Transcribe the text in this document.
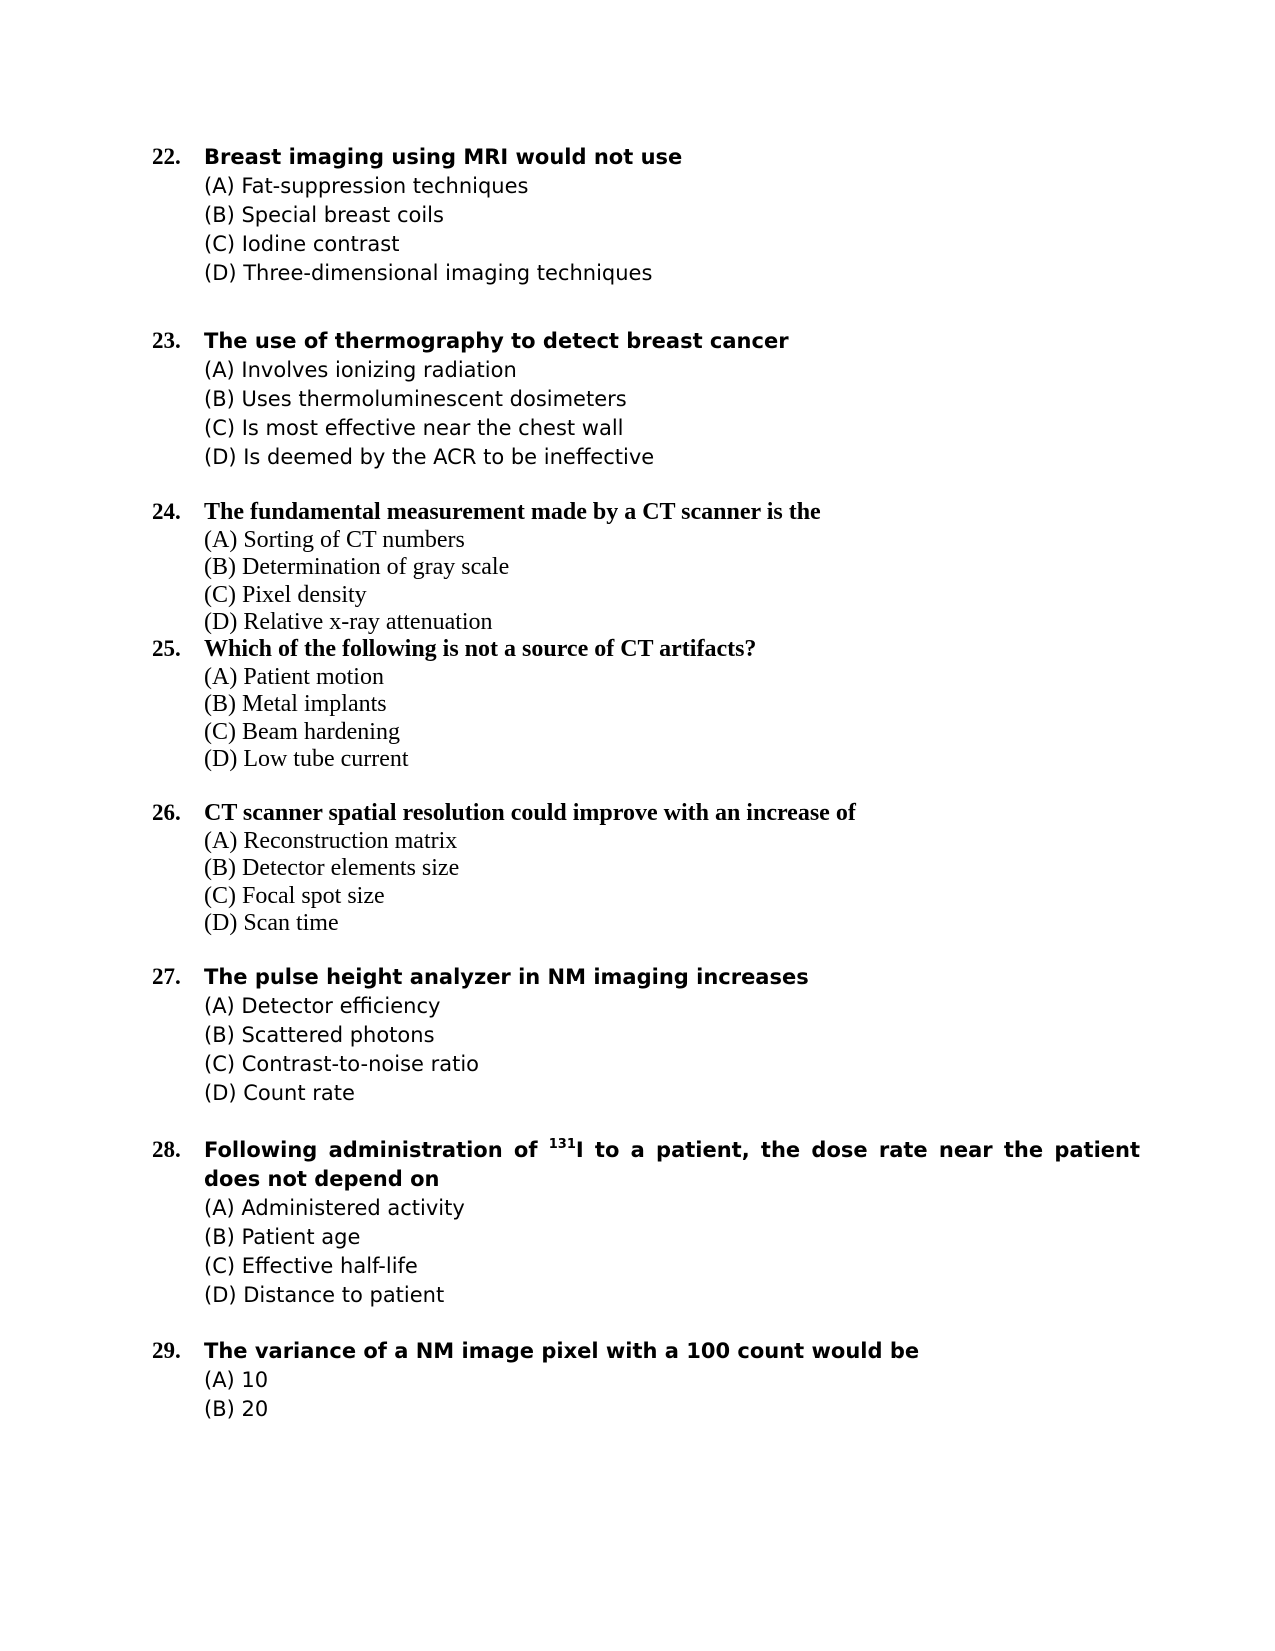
22.	Breast imaging using MRI would not use
(A) Fat-suppression techniques
(B) Special breast coils
(C) Iodine contrast
(D) Three-dimensional imaging techniques
23.	The use of thermography to detect breast cancer
(A) Involves ionizing radiation
(B) Uses thermoluminescent dosimeters
(C) Is most effective near the chest wall
(D) Is deemed by the ACR to be ineffective
24. The fundamental measurement made by a CT scanner is the
(A) Sorting of CT numbers
(B) Determination of gray scale
(C) Pixel density
(D) Relative x-ray attenuation
25. Which of the following is not a source of CT artifacts?
(A) Patient motion
(B) Metal implants
(C) Beam hardening
(D) Low tube current
26. CT scanner spatial resolution could improve with an increase of
(A) Reconstruction matrix
(B) Detector elements size
(C) Focal spot size
(D) Scan time
27.	The pulse height analyzer in NM imaging increases
(A) Detector efficiency
(B) Scattered photons
(C) Contrast-to-noise ratio
(D) Count rate
28.	Following administration of $^{131}$I to a patient, the dose rate near the patient does not depend on
(A) Administered activity
(B) Patient age
(C) Effective half-life
(D) Distance to patient
29.	The variance of a NM image pixel with a 100 count would be
(A) 10
(B) 20
